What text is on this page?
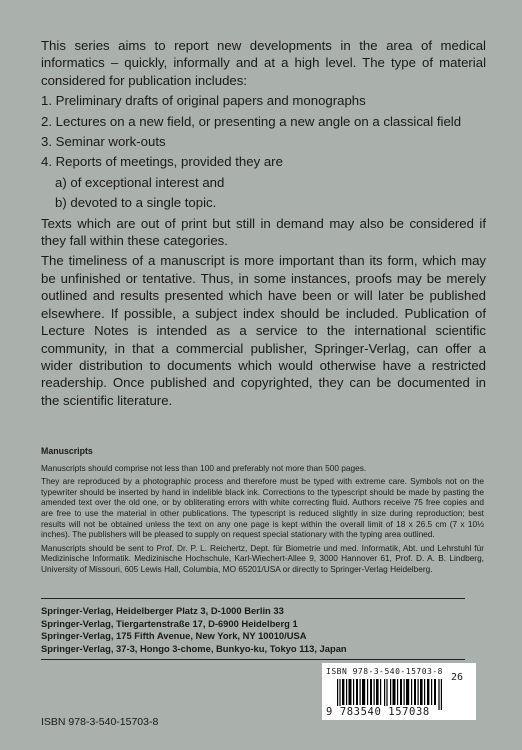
This series aims to report new developments in the area of medical informatics – quickly, informally and at a high level. The type of material considered for publication includes:

1. Preliminary drafts of original papers and monographs

2. Lectures on a new field, or presenting a new angle on a classical field

3. Seminar work-outs

4. Reports of meetings, provided they are

a) of exceptional interest and

b) devoted to a single topic.

Texts which are out of print but still in demand may also be considered if they fall within these categories.

The timeliness of a manuscript is more important than its form, which may be unfinished or tentative. Thus, in some instances, proofs may be merely outlined and results presented which have been or will later be published elsewhere. If possible, a subject index should be included. Publication of Lecture Notes is intended as a service to the international scientific community, in that a commercial publisher, Springer-Verlag, can offer a wider distribution to documents which would otherwise have a restricted readership. Once published and copyrighted, they can be documented in the scientific literature.

Manuscripts

Manuscripts should comprise not less than 100 and preferably not more than 500 pages.

They are reproduced by a photographic process and therefore must be typed with extreme care. Symbols not on the typewriter should be inserted by hand in indelible black ink. Corrections to the typescript should be made by pasting the amended text over the old one, or by obliterating errors with white correcting fluid. Authors receive 75 free copies and are free to use the material in other publications. The typescript is reduced slightly in size during reproduction; best results will not be obtained unless the text on any one page is kept within the overall limit of 18 x 26.5 cm (7 x 10½ inches). The publishers will be pleased to supply on request special stationary with the typing area outlined.

Manuscripts should be sent to Prof. Dr. P. L. Reichertz, Dept. für Biometrie und med. Informatik, Abt. und Lehrstuhl für Medizinische Informatik. Medizinische Hochschule, Karl-Wiechert-Allee 9, 3000 Hannover 61, Prof. D. A. B. Lindberg, University of Missouri, 605 Lewis Hall, Columbia, MO 65201/USA or directly to Springer-Verlag Heidelberg.

Springer-Verlag, Heidelberger Platz 3, D-1000 Berlin 33
Springer-Verlag, Tiergartenstraße 17, D-6900 Heidelberg 1
Springer-Verlag, 175 Fifth Avenue, New York, NY 10010/USA
Springer-Verlag, 37-3, Hongo 3-chome, Bunkyo-ku, Tokyo 113, Japan
ISBN 978-3-540-15703-8
26
9 783540 157038
ISBN 978-3-540-15703-8
